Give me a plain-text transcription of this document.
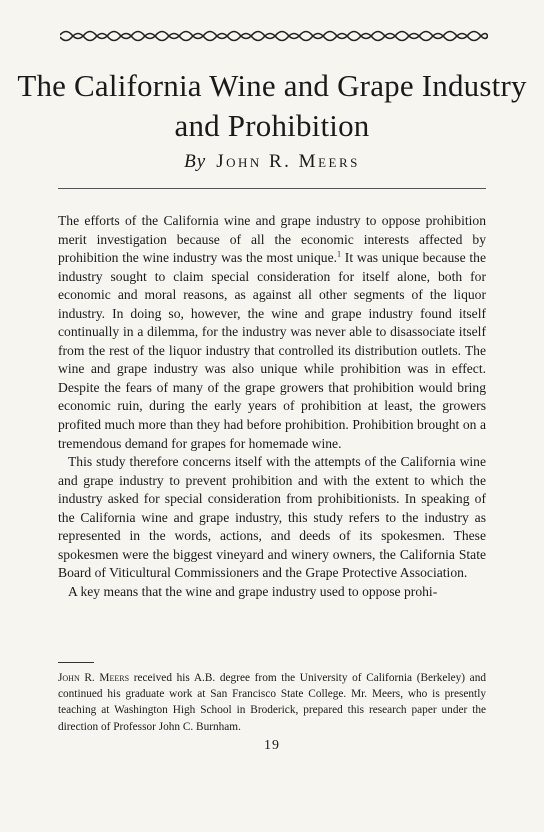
The California Wine and Grape Industry
and Prohibition
By John R. Meers

The efforts of the California wine and grape industry to oppose prohibition merit investigation because of all the economic interests affected by prohibition the wine industry was the most unique.$^1$ It was unique because the industry sought to claim special consideration for itself alone, both for economic and moral reasons, as against all other segments of the liquor industry. In doing so, however, the wine and grape industry found itself continually in a dilemma, for the industry was never able to disassociate itself from the rest of the liquor industry that controlled its distribution outlets. The wine and grape industry was also unique while prohibition was in effect. Despite the fears of many of the grape growers that prohibition would bring economic ruin, during the early years of prohibition at least, the growers profited much more than they had before prohibition. Prohibition brought on a tremendous demand for grapes for homemade wine.

This study therefore concerns itself with the attempts of the California wine and grape industry to prevent prohibition and with the extent to which the industry asked for special consideration from prohibitionists. In speaking of the California wine and grape industry, this study refers to the industry as represented in the words, actions, and deeds of its spokesmen. These spokesmen were the biggest vineyard and winery owners, the California State Board of Viticultural Commissioners and the Grape Protective Association.

A key means that the wine and grape industry used to oppose prohi-

John R. Meers received his A.B. degree from the University of California (Berkeley) and continued his graduate work at San Francisco State College. Mr. Meers, who is presently teaching at Washington High School in Broderick, prepared this research paper under the direction of Professor John C. Burnham.
19
